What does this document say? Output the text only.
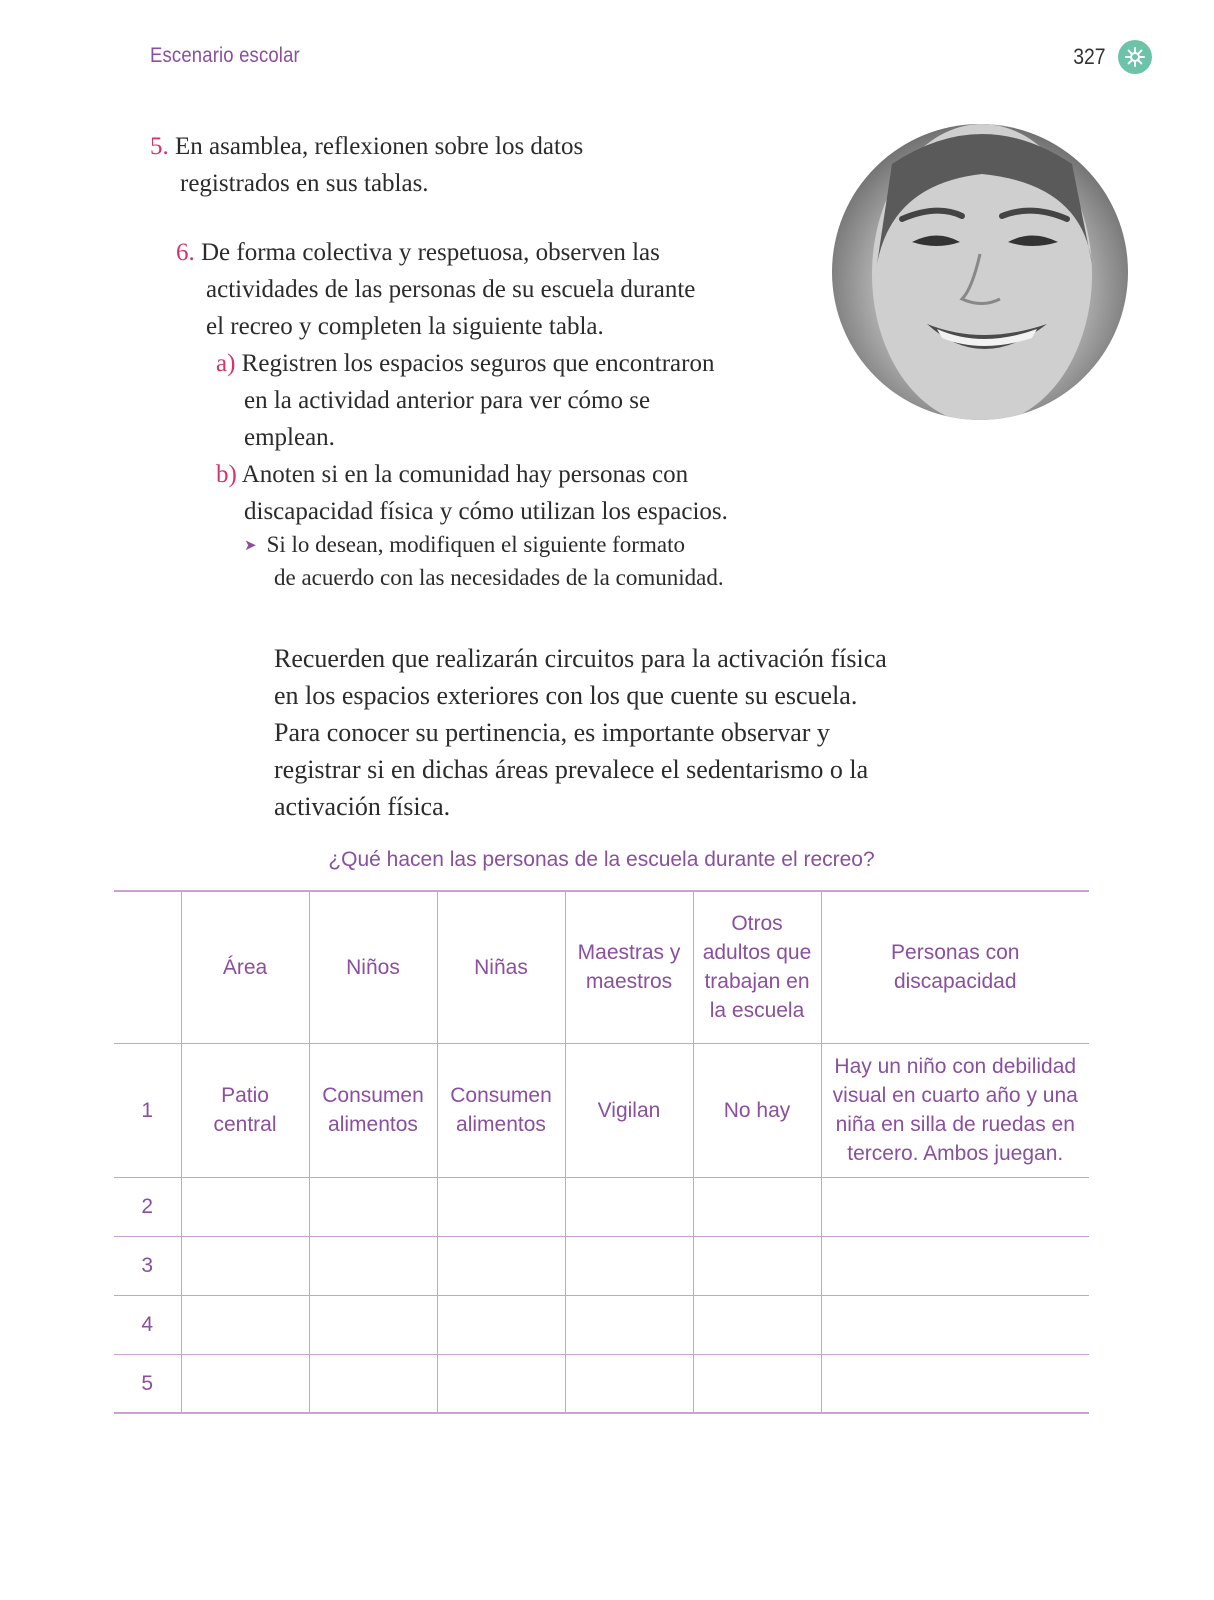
Escenario escolar	327
5. En asamblea, reflexionen sobre los datos
registrados en sus tablas.
6. De forma colectiva y respetuosa, observen las
actividades de las personas de su escuela durante
el recreo y completen la siguiente tabla.
a) Registren los espacios seguros que encontraron
en la actividad anterior para ver cómo se
emplean.
b) Anoten si en la comunidad hay personas con
discapacidad física y cómo utilizan los espacios.
➤ Si lo desean, modifiquen el siguiente formato
de acuerdo con las necesidades de la comunidad.
Recuerden que realizarán circuitos para la activación física
en los espacios exteriores con los que cuente su escuela.
Para conocer su pertinencia, es importante observar y
registrar si en dichas áreas prevalece el sedentarismo o la
activación física.
¿Qué hacen las personas de la escuela durante el recreo?
	Área	Niños	Niñas	Maestras y maestros	Otros adultos que trabajan en la escuela	Personas con discapacidad
1	Patio central	Consumen alimentos	Consumen alimentos	Vigilan	No hay	Hay un niño con debilidad visual en cuarto año y una niña en silla de ruedas en tercero. Ambos juegan.
2						
3						
4						
5						
